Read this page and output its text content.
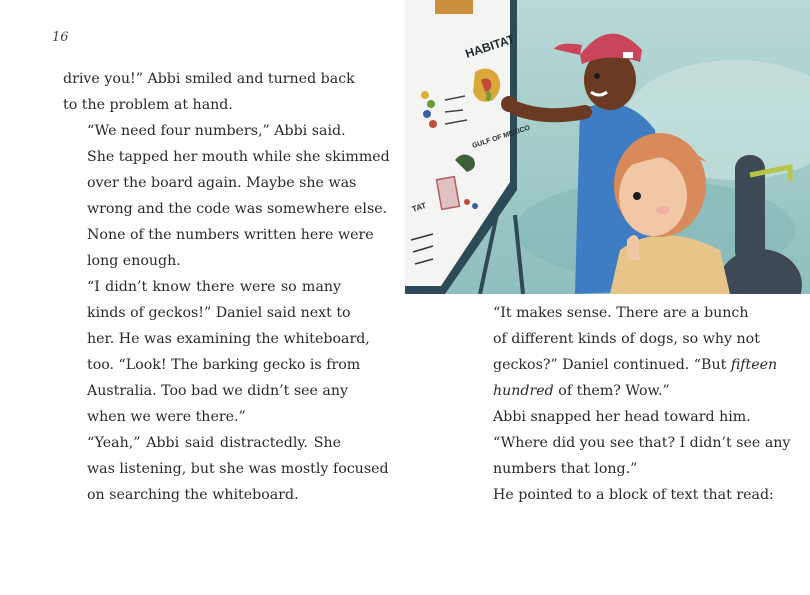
16

drive you!” Abbi smiled and turned back
to the problem at hand.

“We need four numbers,” Abbi said.
She tapped her mouth while she skimmed
over the board again. Maybe she was
wrong and the code was somewhere else.
None of the numbers written here were
long enough.

“I didn’t know there were so many
kinds of geckos!” Daniel said next to
her. He was examining the whiteboard,
too. “Look! The barking gecko is from
Australia. Too bad we didn’t see any
when we were there.”

“Yeah,” Abbi said distractedly. She
was listening, but she was mostly focused
on searching the whiteboard.

HABITAT
GULF OF MEXICO
TAT

“It makes sense. There are a bunch
of different kinds of dogs, so why not
geckos?” Daniel continued. “But fifteen
hundred of them? Wow.”

Abbi snapped her head toward him.
“Where did you see that? I didn’t see any
numbers that long.”

He pointed to a block of text that read:
